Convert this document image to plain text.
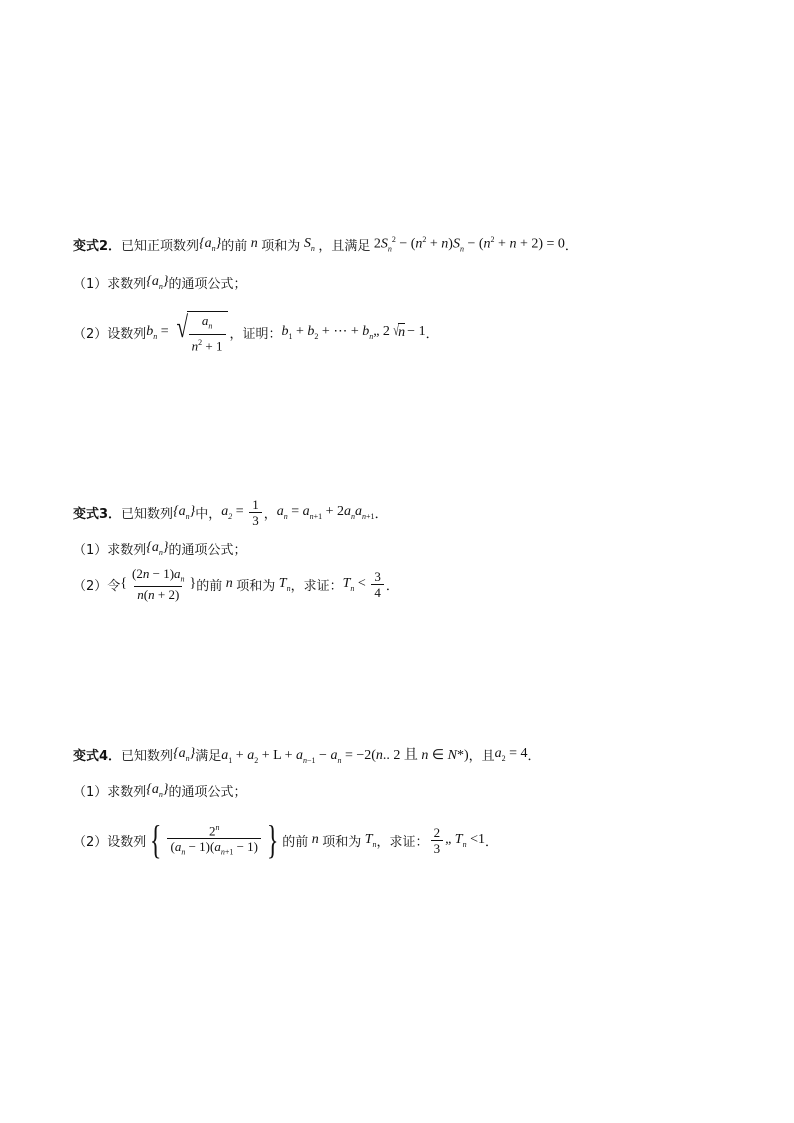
变式2． 已知正项数列 $\{a_n\}$ 的前 n 项和为 $S_n$ ，且满足 $2S_n^2 - (n^2 + n)S_n - (n^2 + n + 2) = 0$ ．
（1）求数列 $\{a_n\}$ 的通项公式；
（2）设数列 $b_n$ = √ $\frac{a_n}{n^2 + 1}$ ，证明： $b_1 + b_2$ + ⋯ + $b_n„$ 2 √ n − 1 ．
变式3． 已知数列 $\{a_n\}$ 中， $a_2 = \frac{1}{3}$ ， $a_n = a_{n+1} + 2a_na_{n+1}$ ．
（1）求数列 $\{a_n\}$ 的通项公式；
（2）令 { $\frac{(2n - 1)a_n}{n(n + 2)}$ } 的前 n 项和为 $T_n$ ，求证： $T_n < \frac{3}{4}$ ．
变式4． 已知数列 $\{a_n\}$ 满足 $a_1 + a_2 + L + a_{n-1} - a_n = -2(n$.. 2 且 n ∈ N*) ，且 $a_2 = 4$ ．
（1）求数列 $\{a_n\}$ 的通项公式；
（2）设数列 { $\frac{2^n}{(a_n - 1)(a_{n+1} - 1)}$ } 的前 n 项和为 $T_n$ ，求证： $\frac{2}{3}$ „ $T_n <1$ ．
